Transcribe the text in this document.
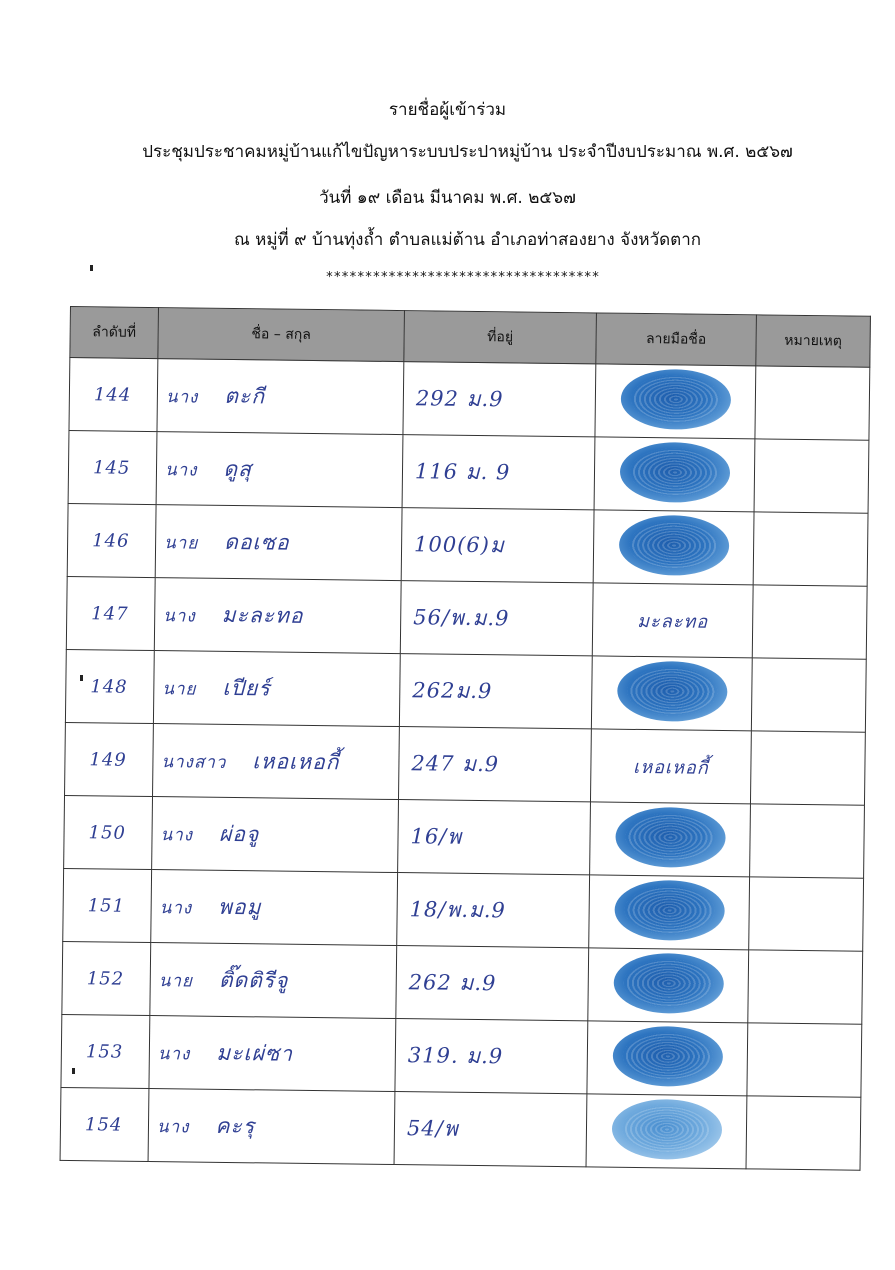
รายชื่อผู้เข้าร่วม
ประชุมประชาคมหมู่บ้านแก้ไขปัญหาระบบประปาหมู่บ้าน ประจำปีงบประมาณ พ.ศ. ๒๕๖๗
วันที่ ๑๙ เดือน มีนาคม พ.ศ. ๒๕๖๗
ณ หมู่ที่ ๙ บ้านทุ่งถ้ำ ตำบลแม่ต้าน อำเภอท่าสองยาง จังหวัดตาก
***********************************
ลำดับที่	ชื่อ – สกุล	ที่อยู่	ลายมือชื่อ	หมายเหตุ
144	นาง ตะกี	292 ม.9		
145	นาง ดูสุ	116 ม. 9		
146	นาย ดอเซอ	100(6)ม		
147	นาง มะละทอ	56/พ.ม.9	มะละทอ	
148	นาย เปียร์	262ม.9		
149	นางสาว เหอเหอกี้	247 ม.9	เหอเหอกี้	
150	นาง ผ่อจู	16/พ		
151	นาง พอมู	18/พ.ม.9		
152	นาย ติ๊ดติรีจู	262 ม.9		
153	นาง มะเผ่ซา	319. ม.9		
154	นาง คะรุ	54/พ		
